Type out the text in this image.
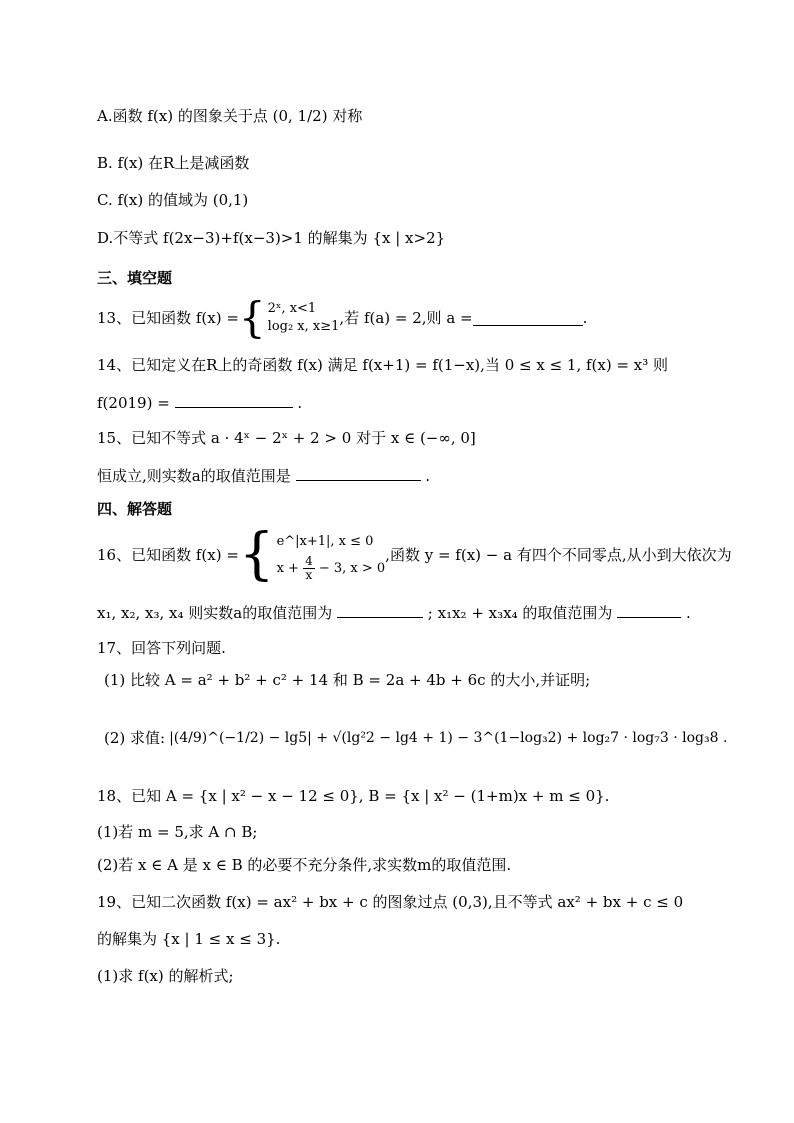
A.函数 f(x) 的图象关于点 (0, 1/2) 对称
B. f(x) 在R上是减函数
C. f(x) 的值域为 (0,1)
D.不等式 f(2x−3)+f(x−3)>1 的解集为 {x | x>2}
三、填空题
13、已知函数 f(x) = { 2ˣ, x<1
log₂ x, x≥1 ,若 f(a) = 2,则 a =	.
14、已知定义在R上的奇函数 f(x) 满足 f(x+1) = f(1−x),当 0 ≤ x ≤ 1, f(x) = x³ 则
f(2019) =	.
15、已知不等式 a · 4ˣ − 2ˣ + 2 > 0 对于 x ∈ (−∞, 0]
恒成立,则实数a的取值范围是	.
四、解答题
16、已知函数 f(x) = { e^|x+1|, x ≤ 0
$x + \frac{4}{x} - 3$, x > 0
,函数 y = f(x) − a 有四个不同零点,从小到大依次为
x₁, x₂, x₃, x₄ 则实数a的取值范围为	; x₁x₂ + x₃x₄ 的取值范围为	.
17、回答下列问题.
(1) 比较 A = a² + b² + c² + 14 和 B = 2a + 4b + 6c 的大小,并证明;
(2) 求值: |(4/9)^(−1/2) − lg5| + √(lg²2 − lg4 + 1) − 3^(1−log₃2) + log₂7 · log₇3 · log₃8 .
18、已知 A = {x | x² − x − 12 ≤ 0}, B = {x | x² − (1+m)x + m ≤ 0}.
(1)若 m = 5,求 A ∩ B;
(2)若 x ∈ A 是 x ∈ B 的必要不充分条件,求实数m的取值范围.
19、已知二次函数 f(x) = ax² + bx + c 的图象过点 (0,3),且不等式 ax² + bx + c ≤ 0
的解集为 {x | 1 ≤ x ≤ 3}.
(1)求 f(x) 的解析式;
